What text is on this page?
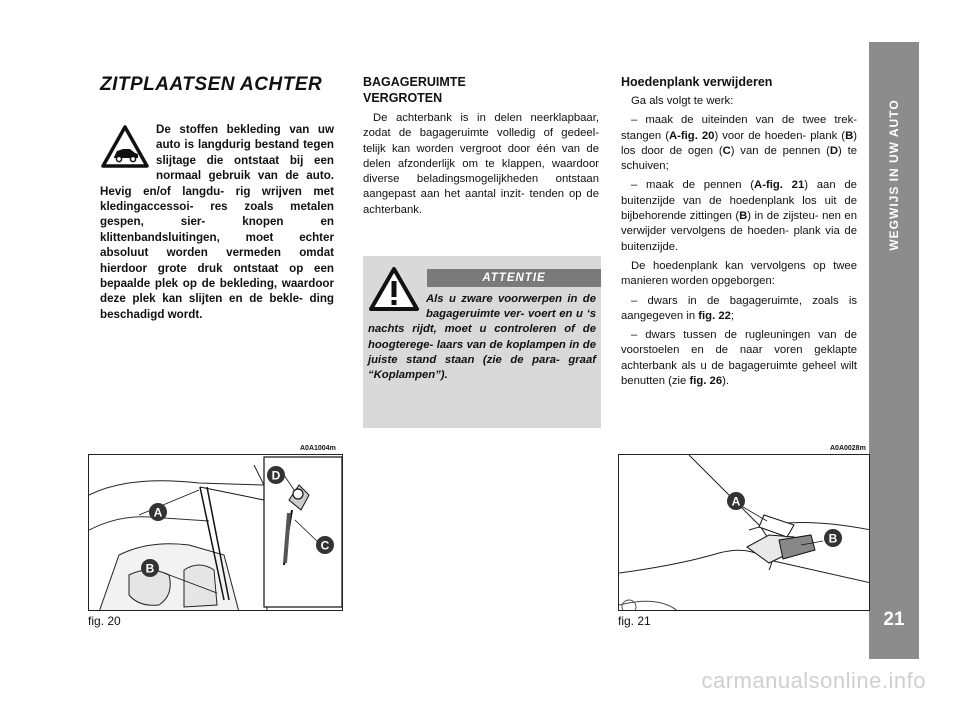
WEGWIJS IN UW AUTO
21
ZITPLAATSEN ACHTER
De stoffen bekleding van uw auto is langdurig bestand tegen slijtage die ontstaat bij een normaal gebruik van de auto. Hevig en/of langdu- rig wrijven met kledingaccessoi- res zoals metalen gespen, sier- knopen en klittenbandsluitingen, moet echter absoluut worden vermeden omdat hierdoor grote druk ontstaat op een bepaalde plek op de bekleding, waardoor deze plek kan slijten en de bekle- ding beschadigd wordt.
BAGAGERUIMTE
VERGROTEN

De achterbank is in delen neerklapbaar, zodat de bagageruimte volledig of gedeel- telijk kan worden vergroot door één van de delen afzonderlijk om te klappen, waardoor diverse beladingsmogelijkheden ontstaan aangepast aan het aantal inzit- tenden op de achterbank.

ATTENTIE
Als u zware voorwerpen in de bagageruimte ver- voert en u ‘s nachts rijdt, moet u controleren of de hoogterege- laars van de koplampen in de juiste stand staan (zie de para- graaf “Koplampen”).
Hoedenplank verwijderen

Ga als volgt te werk:

– maak de uiteinden van de twee trek- stangen (A-fig. 20) voor de hoeden- plank (B) los door de ogen (C) van de pennen (D) te schuiven;

– maak de pennen (A-fig. 21) aan de buitenzijde van de hoedenplank los uit de bijbehorende zittingen (B) in de zijsteu- nen en verwijder vervolgens de hoeden- plank via de buitenzijde.

De hoedenplank kan vervolgens op twee manieren worden opgeborgen:

– dwars in de bagageruimte, zoals is aangegeven in fig. 22;

– dwars tussen de rugleuningen van de voorstoelen en de naar voren geklapte achterbank als u de bagageruimte geheel wilt benutten (zie fig. 26).

A0A1004m
D
A
C
B
fig. 20
A0A0028m
A
B
fig. 21
carmanualsonline.info
